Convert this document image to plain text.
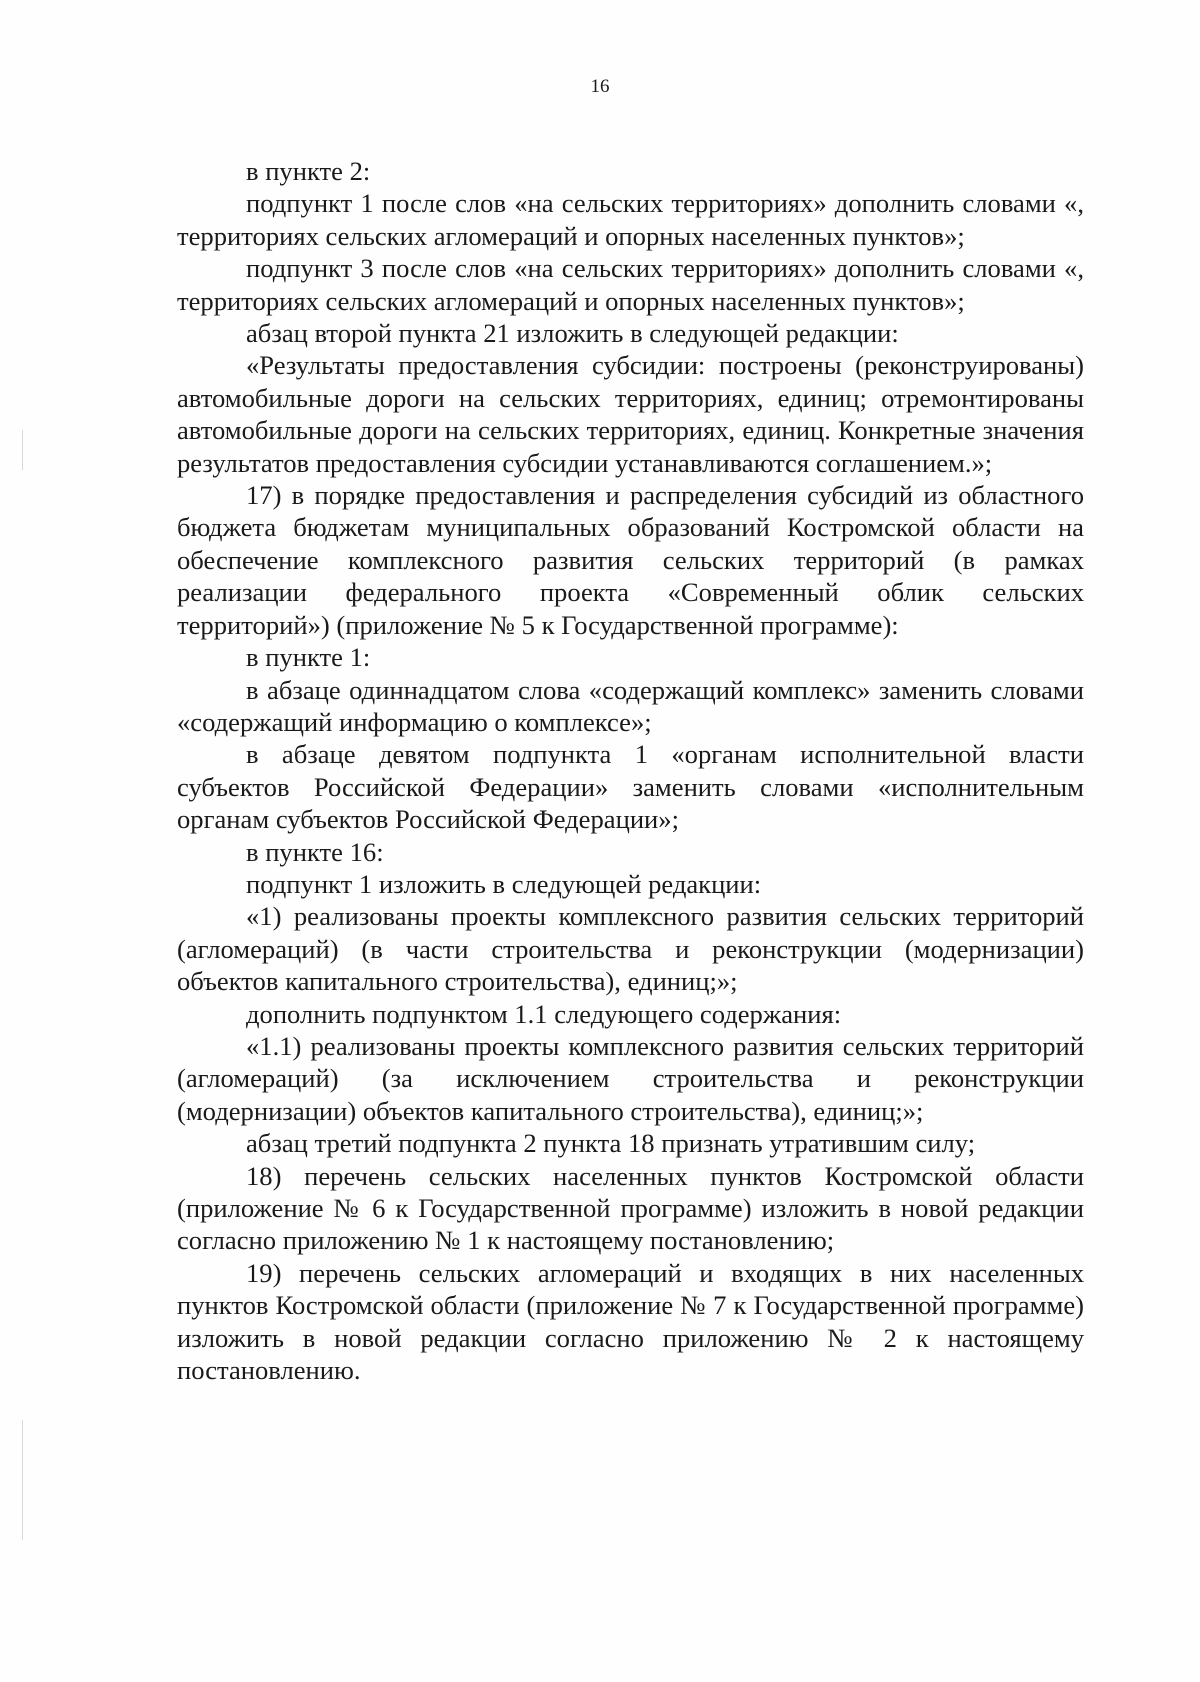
16

в пункте 2:

подпункт 1 после слов «на сельских территориях» дополнить словами «, территориях сельских агломераций и опорных населенных пунктов»;

подпункт 3 после слов «на сельских территориях» дополнить словами «, территориях сельских агломераций и опорных населенных пунктов»;

абзац второй пункта 21 изложить в следующей редакции:

«Результаты предоставления субсидии: построены (реконструированы) автомобильные дороги на сельских территориях, единиц; отремонтированы автомобильные дороги на сельских территориях, единиц. Конкретные значения результатов предоставления субсидии устанавливаются соглашением.»;

17) в порядке предоставления и распределения субсидий из областного бюджета бюджетам муниципальных образований Костромской области на обеспечение комплексного развития сельских территорий (в рамках реализации федерального проекта «Современный облик сельских территорий») (приложение № 5 к Государственной программе):

в пункте 1:

в абзаце одиннадцатом слова «содержащий комплекс» заменить словами «содержащий информацию о комплексе»;

в абзаце девятом подпункта 1 «органам исполнительной власти субъектов Российской Федерации» заменить словами «исполнительным органам субъектов Российской Федерации»;

в пункте 16:

подпункт 1 изложить в следующей редакции:

«1) реализованы проекты комплексного развития сельских территорий (агломераций) (в части строительства и реконструкции (модернизации) объектов капитального строительства), единиц;»;

дополнить подпунктом 1.1 следующего содержания:

«1.1) реализованы проекты комплексного развития сельских территорий (агломераций) (за исключением строительства и реконструкции (модернизации) объектов капитального строительства), единиц;»;

абзац третий подпункта 2 пункта 18 признать утратившим силу;

18) перечень сельских населенных пунктов Костромской области (приложение № 6 к Государственной программе) изложить в новой редакции согласно приложению № 1 к настоящему постановлению;

19) перечень сельских агломераций и входящих в них населенных пунктов Костромской области (приложение № 7 к Государственной программе) изложить в новой редакции согласно приложению № 2 к настоящему постановлению.
